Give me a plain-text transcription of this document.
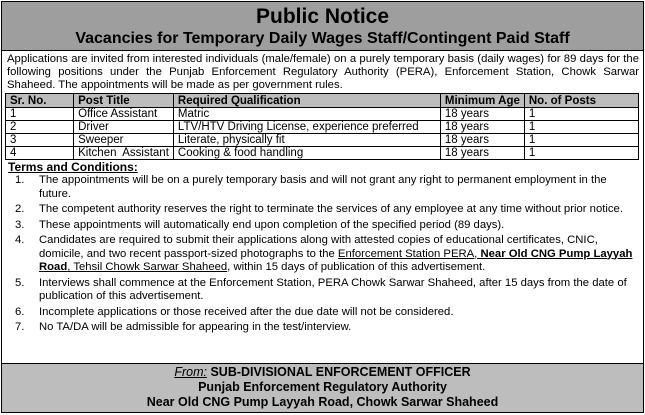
Public Notice
Vacancies for Temporary Daily Wages Staff/Contingent Paid Staff
Applications are invited from interested individuals (male/female) on a purely temporary basis (daily wages) for 89 days for the following positions under the Punjab Enforcement Regulatory Authority (PERA), Enforcement Station, Chowk Sarwar Shaheed. The appointments will be made as per government rules.
Sr. No.	Post Title	Required Qualification	Minimum Age	No. of Posts
1	Office Assistant	Matric	18 years	1
2	Driver	LTV/HTV Driving License, experience preferred	18 years	1
3	Sweeper	Literate, physically fit	18 years	1
4	Kitchen  Assistant	Cooking & food handling	18 years	1
Terms and Conditions:
1. The appointments will be on a purely temporary basis and will not grant any right to permanent employment in the future.
2. The competent authority reserves the right to terminate the services of any employee at any time without prior notice.
3. These appointments will automatically end upon completion of the specified period (89 days).
4. Candidates are required to submit their applications along with attested copies of educational certificates, CNIC, domicile, and two recent passport-sized photographs to the Enforcement Station PERA, Near Old CNG Pump Layyah Road, Tehsil Chowk Sarwar Shaheed, within 15 days of publication of this advertisement.
5. Interviews shall commence at the Enforcement Station, PERA Chowk Sarwar Shaheed, after 15 days from the date of publication of this advertisement.
6. Incomplete applications or those received after the due date will not be considered.
7. No TA/DA will be admissible for appearing in the test/interview.
From: SUB-DIVISIONAL ENFORCEMENT OFFICER
Punjab Enforcement Regulatory Authority
Near Old CNG Pump Layyah Road, Chowk Sarwar Shaheed
